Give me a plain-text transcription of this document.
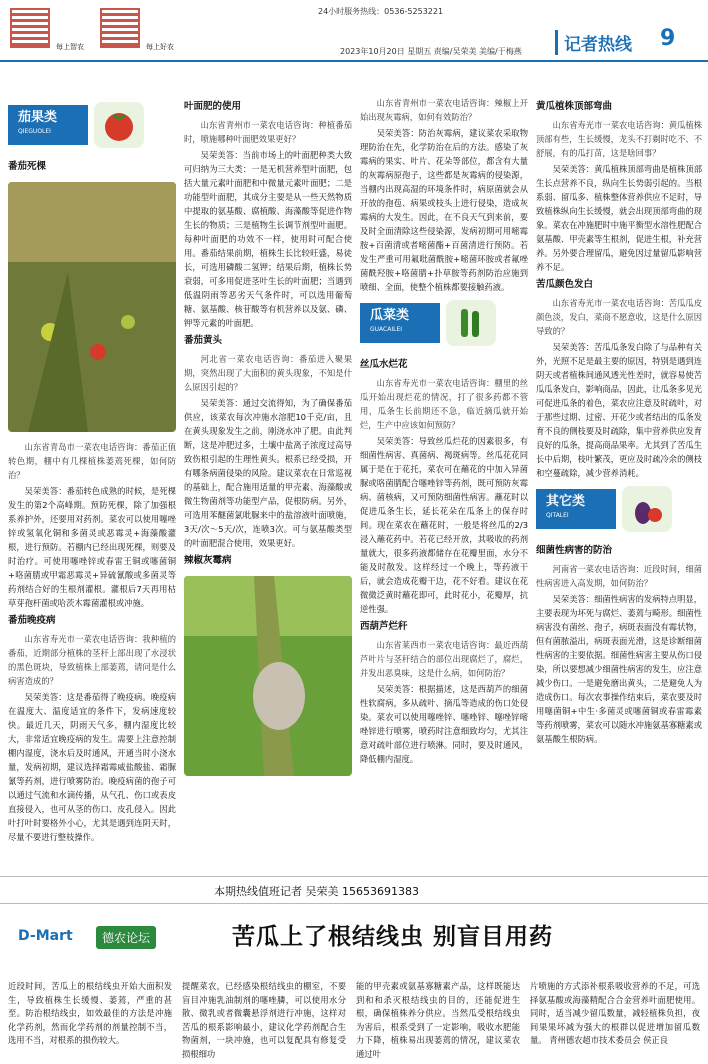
每上智农	每上好农
24小时服务热线：0536-5253221
2023年10月20日 星期五 责编/吴荣美 美编/于梅燕	记者热线 9
茄果类
QIEGUOLEI
番茄死棵

山东省青岛市一菜农电话咨询：番茄正值转色期，棚中有几棵植株萎蔫死棵，如何防治？

吴荣美答：番茄转色成熟的时候，是死棵发生的第2个高峰期。预防死棵，除了加强根系养护外，还要用对药剂。菜农可以使用噻唑锌或氢氧化铜和多菌灵或恶霉灵+海藻酸灌根，进行预防。若棚内已经出现死棵，则要及时治疗。可使用噻唑锌或春雷王铜或噻菌铜+咯菌腈或甲霜恶霉灵+异硫氰酸或多菌灵等药剂结合好的生根剂灌根。灌根后7天再用枯草芽孢杆菌或哈茨木霉菌灌根或冲施。

番茄晚疫病

山东省寿光市一菜农电话咨询：我种植的番茄，近期部分植株的茎秆上部出现了水浸状的黑色斑块，导致植株上部萎蔫，请问是什么病害造成的？

吴荣美答：这是番茄得了晚疫病。晚疫病在温度大、温度适宜的条件下，发病速度较快。最近几天，阴雨天气多，棚内湿度比较大，非常适宜晚疫病的发生。需要上注意控制棚内湿度，浇水后及时通风，开通当时小浇水量，发病初期，建议选择霜霉威盐酸盐、霜脲氰等药剂，进行喷雾防治。晚疫病菌的孢子可以通过气流和水滴传播，从气孔、伤口或表皮直接侵入，也可从茎的伤口、皮孔侵入。因此叶打叶时要格外小心，尤其是遇到连阴天时，尽量不要进行整枝操作。

叶面肥的使用

山东省青州市一菜农电话咨询：种植番茄时，喷施哪种叶面肥效果更好？

吴荣美答：当前市场上的叶面肥种类大致可归纳为三大类：一是无机营养型叶面肥，包括大量元素叶面肥和中微量元素叶面肥；二是功能型叶面肥，其成分主要是从一些天然物质中提取的氨基酸、腐植酸、海藻酸等促进作物生长的物质；三是植物生长调节剂型叶面肥。每种叶面肥的功效不一样，使用时可配合使用。番茄结果前期，植株生长比较旺盛，易徒长，可选用磷酸二氢钾；结果后期，植株长势衰弱，可多用促进茎叶生长的叶面肥；当遇到低温阴雨等恶劣天气条件时，可以选用葡萄糖、氨基酸、核苷酸等有机营养以及氨、磷、钾等元素的叶面肥。

番茄黄头

河北省一菜农电话咨询：番茄进入聚果期，突然出现了大面积的黄头现象，不知是什么原因引起的？

吴荣美答：通过交流得知，为了确保番茄供应，该菜农每次冲施水溶肥10千克/亩，且在黄头现象发生之前，刚浇水冲了肥。由此判断，这是冲肥过多，土壤中盐离子浓度过高导致伤根引起的生理性黄头。根系已经受损，开有哪条病菌侵染的风险。建议菜农在日常巡视的基础上，配合施用适量的甲壳素、海藻酸或微生物菌剂等功能型产品，促根防病。另外，可选用苯醚菌氯吡脲来中的盐溶液叶面喷施，3天/次～5天/次，连喷3次。可与氨基酸类型的叶面肥混合使用，效果更好。

辣椒灰霉病

山东省青州市一菜农电话咨询：辣椒上开始出现灰霉病，如何有效防治？

吴荣美答：防治灰霉病，建议菜农采取物理防治在先，化学防治在后的方法。感染了灰霉病的果实、叶片、花朵等部位，都含有大量的灰霉病原孢子，这些都是灰霉病的侵染源，当棚内出现高湿的环境条件时，病原菌就会从开放的孢苞、病果或枝头上进行侵染，造成灰霉病的大发生。因此，在不良天气到来前，要及时全面清除这些侵染源，发病初期可用嘧霉胺+百菌清或者嘧菌酯+百菌清进行预防。若发生严重可用氟吡菌酰胺+嘧菌环胺或者氟唑菌酰羟胺+咯菌腈+扑草胺等药剂防治应施到喷细、全面，使整个植株都要接触药液。

瓜菜类
GUACAILEI
丝瓜水烂花

山东省寿光市一菜农电话咨询：棚里的丝瓜开始出现烂花的情况，打了很多药都不管用，瓜条生长前期还不急，临近摘瓜就开始烂，生产中应该如何预防？

吴荣美答：导致丝瓜烂花的因素很多，有细菌性病害、真菌病、褐斑病等。丝瓜花花同属于是在于花托，菜农可在蘸花的中加入异菌脲或咯菌腈配合噻唑锌等药剂，既可预防灰霉病、菌核病，又可预防细菌性病害。蘸花时以促进瓜条生长，延长花朵在瓜条上的保存时间。现在菜农在蘸花时，一般是将丝瓜的2/3浸入蘸花药中。若花已经开放，其吸收的药剂量就大，很多药液都储存在花瓣里面，水分不能及时散发。这样经过一个晚上，等药液干后，就会造成花瓣干边，花不好看。建议在花微微泛黄时蘸花即可，此时花小，花瓣厚，抗逆性强。

西葫芦烂秆

山东省莱西市一菜农电话咨询：最近西葫芦叶片与茎秆结合的部位出现腐烂了，腐烂，并发出恶臭味，这是什么病，如何防治？

吴荣美答：根据描述，这是西葫芦的细菌性软腐病，多从疏叶、摘瓜等造成的伤口处侵染。菜农可以使用噻唑锌、噻唑锌、噻唑锌嘧唑锌进行喷雾，喷药时注意细致均匀，尤其注意对疏叶部位进行喷淋。同时，要及时通风，降低棚内湿度。

黄瓜植株顶部弯曲

山东省寿光市一菜农电话咨询：黄瓜植株顶部有些，生长缓慢，龙头不打剃时吃不、不舒展，有的瓜打苗，这是啥回事？

吴荣美答：黄瓜植株顶部弯曲是植株顶部生长点营养不良，纵向生长势弱引起的。当根系弱、留瓜多、植株整体营养供应不足时，导致植株纵向生长缓慢，就会出现顶部弯曲的现象。菜农在冲施肥时中施平衡型水溶性肥配合氨基酸、甲壳素等生根剂，促进生根，补充营养。另外要合理留瓜，避免因过量留瓜影响营养不足。

苦瓜颜色发白

山东省寿光市一菜农电话咨询：苦瓜瓜皮颜色淡，发白，菜商不愿意收，这是什么原因导致的？

吴荣美答：苦瓜瓜条发白除了与品种有关外，光照不足是最主要的原因，特别是遇到连阴天或者植株间通风透光性差时，就容易使苦瓜瓜条发白，影响商品，因此，让瓜条多见光可促进瓜条的着色，菜农应注意及时疏叶，对于那些过期、过密、开花少或者结出的瓜条发育不良的侧枝要及时疏除，集中营养供应发育良好的瓜条，提高商品果率。尤其到了苦瓜生长中后期，枝叶繁茂，更应及时疏冷余的侧枝和空蔓疏除，减少营养消耗。

其它类
QITALEI
细菌性病害的防治

河南省一菜农电话咨询：近段时间，细菌性病害进入高发期，如何防治？

吴荣美答：细菌性病害的发病特点明显，主要表现为坏死与腐烂、萎蔫与畸形。细菌性病害没有菌丝、孢子，病斑表面没有霉状物，但有菌脓溢出，病斑表面光滑，这是诊断细菌性病害的主要依据。细菌性病害主要从伤口侵染，所以要想减少细菌性病害的发生，应注意减少伤口。一是避免磨出黄头，二是避免人为造成伤口。每次农事操作结束后，菜农要及时用噻菌铜+中生·多菌灵或噻菌铜或春雷霉素等药剂喷雾，菜农可以随水冲施氨基寡糖素或氨基酸生根防病。

本期热线值班记者 吴荣美 15653691383
D-Mart	德农论坛	苦瓜上了根结线虫 别盲目用药
近段时间，苦瓜上的根结线虫开始大面积发生，导致植株生长缓慢、萎蔫，严重的甚至。防治根结线虫，如效最佳的方法是冲施化学药剂，然而化学药剂的剂量控制不当，选用不当，对根系的损伤较大。
提醒菜农，已经感染根结线虫的棚室，不要盲目冲施乳油制剂的噻唑膦，可以使用水分散、微乳或者微囊悬浮剂进行冲施，这样对苦瓜的根系影响最小，建议化学药剂配合生物菌剂，一块冲施，也可以复配具有修复受损根细功
能的甲壳素或氨基寡糖素产品，这样既能达到和和杀灭根结线虫的目的，还能促进生根，确保植株养分供应。当然瓜受根结线虫为害后，根系受到了一定影响，吸收水肥能力下降，植株易出现萎蔫的情况，建议菜农通过叶
片喷施的方式添补根系吸收营养的不足，可选择氨基酸或海藻精配合合金营养叶面肥使用。同时，适当减少留瓜数量，减轻植株负担，夜间果果坏减为强大的根群以促进增加留瓜数量。 青州德农超市技术委员会 侯正良
